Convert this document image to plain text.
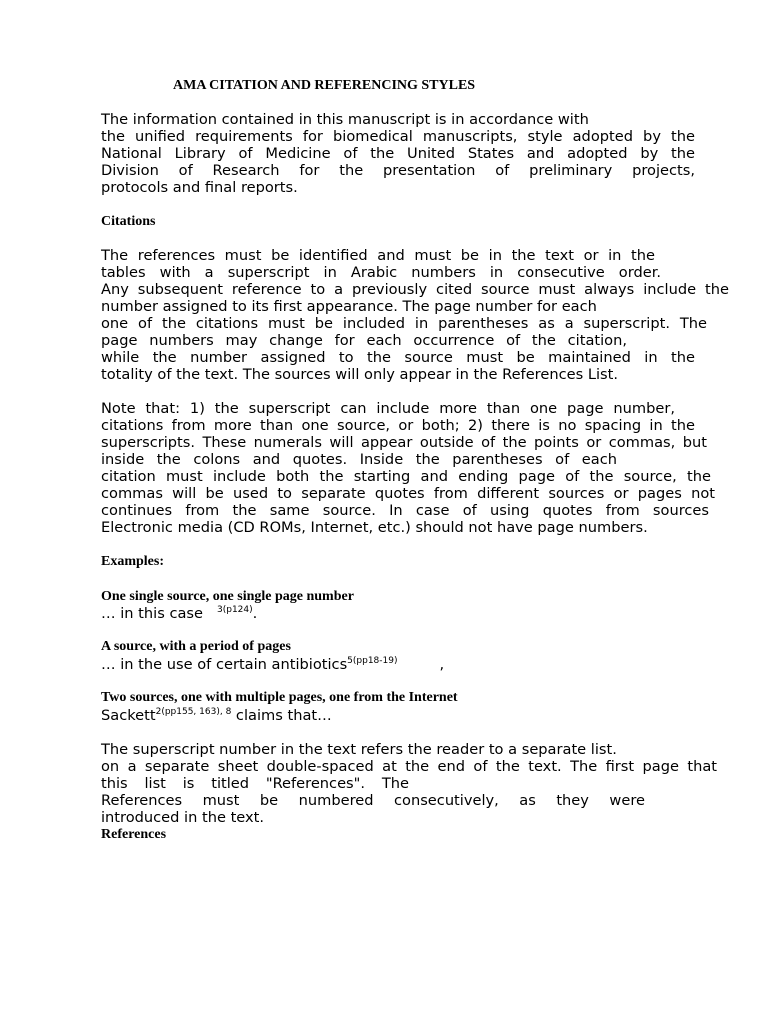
AMA CITATION AND REFERENCING STYLES
The information contained in this manuscript is in accordance with
the unified requirements for biomedical manuscripts, style adopted by the
National Library of Medicine of the United States and adopted by the
Division of Research for the presentation of preliminary projects,
protocols and final reports.
Citations
The references must be identified and must be in the text or in the
tables with a superscript in Arabic numbers in consecutive order.
Any subsequent reference to a previously cited source must always include the
number assigned to its first appearance. The page number for each
one of the citations must be included in parentheses as a superscript. The
page numbers may change for each occurrence of the citation,
while the number assigned to the source must be maintained in the
totality of the text. The sources will only appear in the References List.
Note that: 1) the superscript can include more than one page number,
citations from more than one source, or both; 2) there is no spacing in the
superscripts. These numerals will appear outside of the points or commas, but
inside the colons and quotes. Inside the parentheses of each
citation must include both the starting and ending page of the source, the
commas will be used to separate quotes from different sources or pages not
continues from the same source. In case of using quotes from sources
Electronic media (CD ROMs, Internet, etc.) should not have page numbers.
Examples:
One single source, one single page number
… in this case $^{3(p124)}$.
A source, with a period of pages
… in the use of certain antibiotics$^{5(pp18-19)}$	,
Two sources, one with multiple pages, one from the Internet
Sackett$^{2(pp155, 163), 8}$ claims that…
The superscript number in the text refers the reader to a separate list.
on a separate sheet double-spaced at the end of the text. The first page that
this list is titled "References". The
References must be numbered consecutively, as they were
introduced in the text.
References
